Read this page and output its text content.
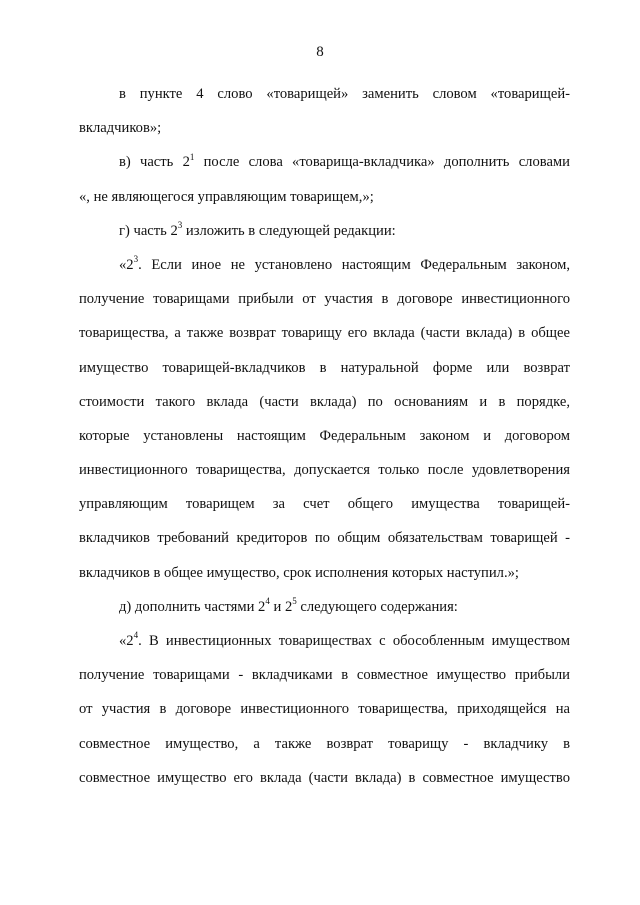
8
в пункте 4 слово «товарищей» заменить словом «товарищей-
вкладчиков»;
в) часть $2^1$ после слова «товарища-вкладчика» дополнить словами
«, не являющегося управляющим товарищем,»;
г) часть $2^3$ изложить в следующей редакции:
«$2^3$. Если иное не установлено настоящим Федеральным законом,
получение товарищами прибыли от участия в договоре инвестиционного
товарищества, а также возврат товарищу его вклада (части вклада) в общее
имущество товарищей-вкладчиков в натуральной форме или возврат
стоимости такого вклада (части вклада) по основаниям и в порядке,
которые установлены настоящим Федеральным законом и договором
инвестиционного товарищества, допускается только после удовлетворения
управляющим товарищем за счет общего имущества товарищей-
вкладчиков требований кредиторов по общим обязательствам товарищей -
вкладчиков в общее имущество, срок исполнения которых наступил.»;
д) дополнить частями $2^4$ и $2^5$ следующего содержания:
«$2^4$. В инвестиционных товариществах с обособленным имуществом
получение товарищами - вкладчиками в совместное имущество прибыли
от участия в договоре инвестиционного товарищества, приходящейся на
совместное имущество, а также возврат товарищу - вкладчику в
совместное имущество его вклада (части вклада) в совместное имущество
